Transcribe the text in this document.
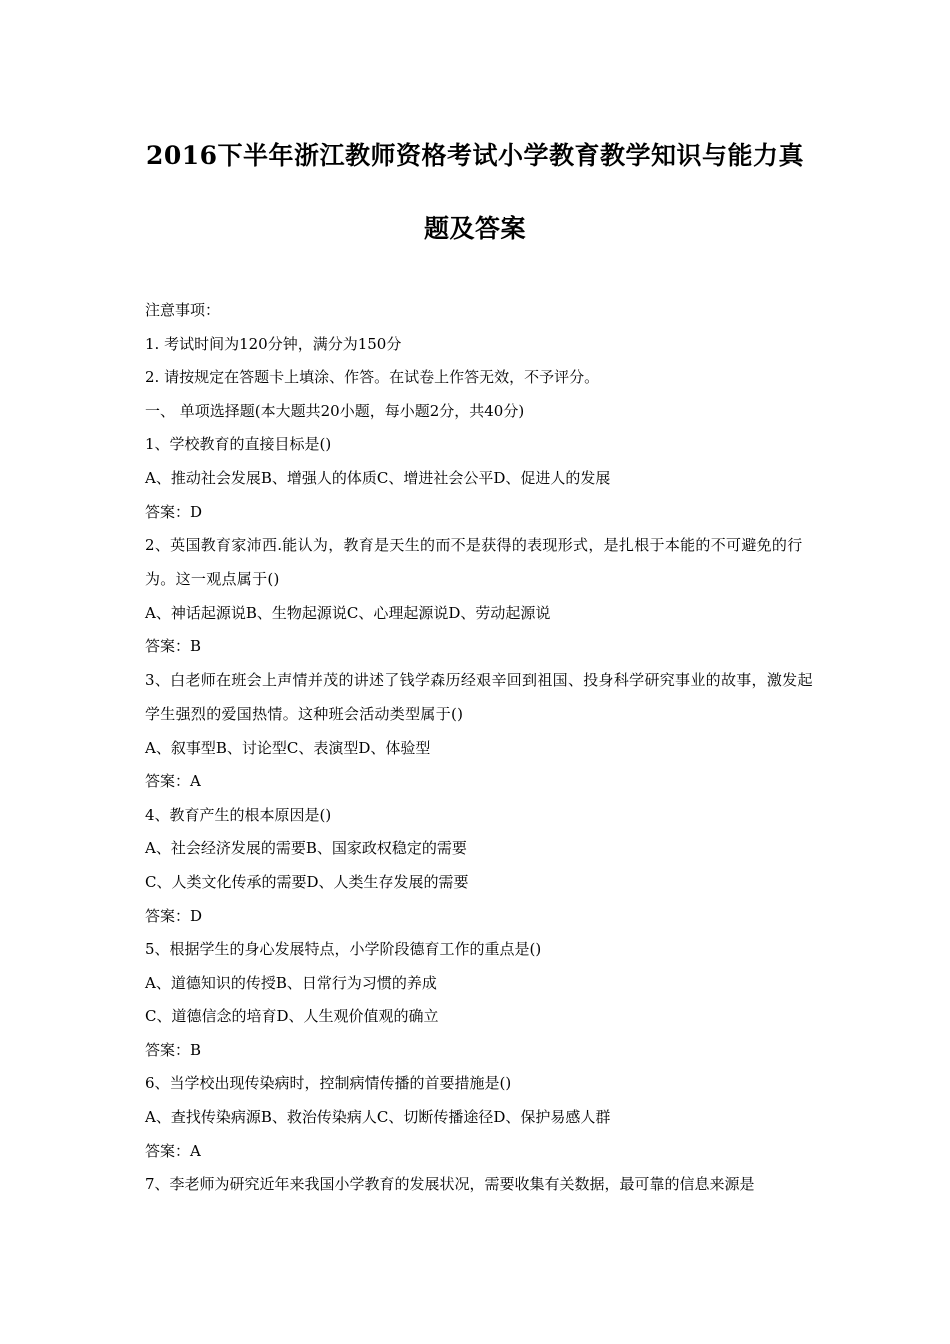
2016下半年浙江教师资格考试小学教育教学知识与能力真
题及答案
注意事项：
1. 考试时间为120分钟，满分为150分
2. 请按规定在答题卡上填涂、作答。在试卷上作答无效，不予评分。
一、 单项选择题(本大题共20小题，每小题2分，共40分)
1、学校教育的直接目标是()
A、推动社会发展B、增强人的体质C、增进社会公平D、促进人的发展
答案：D
2、英国教育家沛西.能认为，教育是天生的而不是获得的表现形式，是扎根于本能的不可避免的行为。这一观点属于()
A、神话起源说B、生物起源说C、心理起源说D、劳动起源说
答案：B
3、白老师在班会上声情并茂的讲述了钱学森历经艰辛回到祖国、投身科学研究事业的故事，激发起学生强烈的爱国热情。这种班会活动类型属于()
A、叙事型B、讨论型C、表演型D、体验型
答案：A
4、教育产生的根本原因是()
A、社会经济发展的需要B、国家政权稳定的需要
C、人类文化传承的需要D、人类生存发展的需要
答案：D
5、根据学生的身心发展特点，小学阶段德育工作的重点是()
A、道德知识的传授B、日常行为习惯的养成
C、道德信念的培育D、人生观价值观的确立
答案：B
6、当学校出现传染病时，控制病情传播的首要措施是()
A、查找传染病源B、救治传染病人C、切断传播途径D、保护易感人群
答案：A
7、李老师为研究近年来我国小学教育的发展状况，需要收集有关数据，最可靠的信息来源是
